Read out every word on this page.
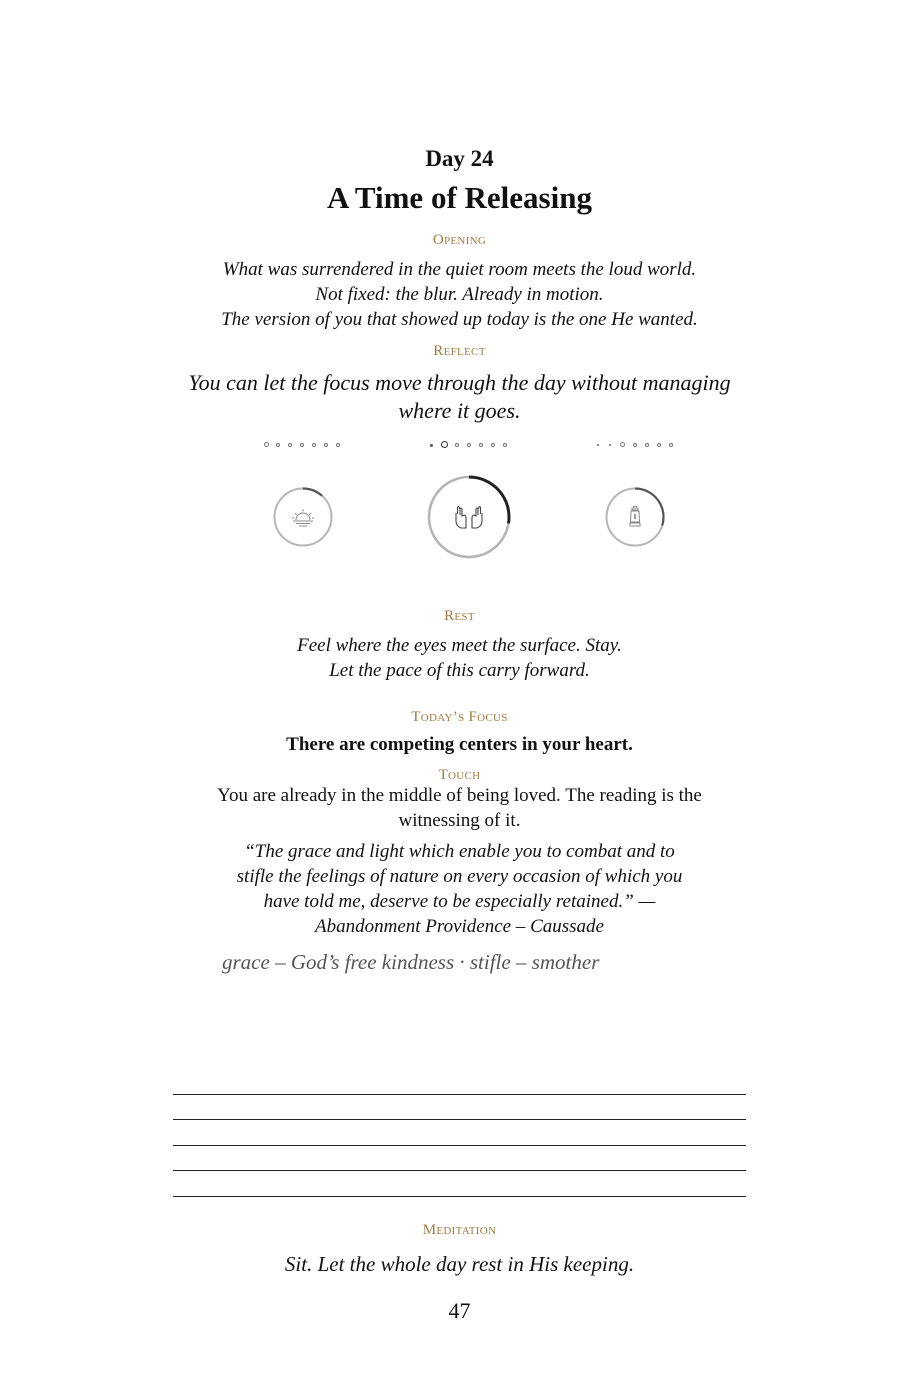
Day 24
A Time of Releasing
Opening
What was surrendered in the quiet room meets the loud world.
Not fixed: the blur. Already in motion.
The version of you that showed up today is the one He wanted.
Reflect
You can let the focus move through the day without managing
where it goes.
Rest
Feel where the eyes meet the surface. Stay.
Let the pace of this carry forward.
Today’s Focus
There are competing centers in your heart.
Touch
You are already in the middle of being loved. The reading is the
witnessing of it.
“The grace and light which enable you to combat and to
stifle the feelings of nature on every occasion of which you
have told me, deserve to be especially retained.” —
Abandonment Providence – Caussade
grace – God’s free kindness · stifle – smother
Meditation
Sit. Let the whole day rest in His keeping.
47
